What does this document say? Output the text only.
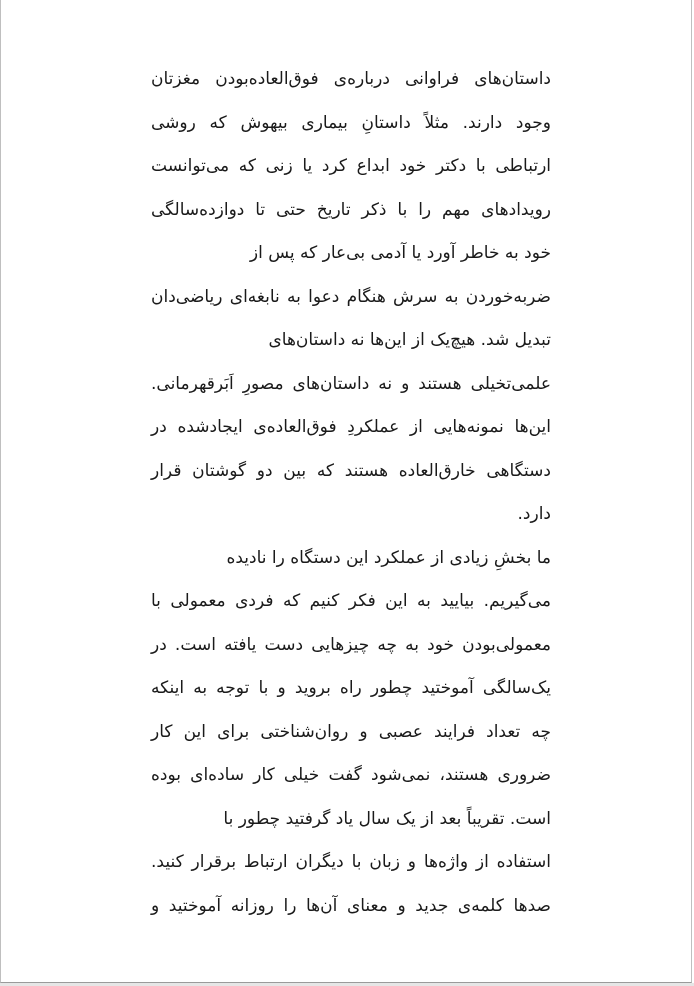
داستان‌های فراوانی درباره‌ی فوق‌العاده‌بودن مغزتان
وجود دارند. مثلاً داستانِ بیماری بیهوش که روشی
ارتباطی با دکتر خود ابداع کرد یا زنی که می‌توانست
رویدادهای مهم را با ذکر تاریخ حتی تا دوازده‌سالگی
خود به خاطر آورد یا آدمی بی‌عار که پس از
ضربه‌خوردن به سرش هنگام دعوا به نابغه‌ای ریاضی‌دان
تبدیل شد. هیچ‌یک از این‌ها نه داستان‌های
علمی‌تخیلی هستند و نه داستان‌های مصورِ اَبَرقهرمانی.
این‌ها نمونه‌هایی از عملکردِ فوق‌العاده‌ی ایجادشده در
دستگاهی خارق‌العاده هستند که بین دو گوشتان قرار
دارد.
ما بخشِ زیادی از عملکرد این دستگاه را نادیده
می‌گیریم. بیایید به این فکر کنیم که فردی معمولی با
معمولی‌بودن خود به چه چیزهایی دست یافته است. در
یک‌سالگی آموختید چطور راه بروید و با توجه به اینکه
چه تعداد فرایند عصبی و روان‌شناختی برای این کار
ضروری هستند، نمی‌شود گفت خیلی کار ساده‌ای بوده
است. تقریباً بعد از یک سال یاد گرفتید چطور با
استفاده از واژه‌ها و زبان با دیگران ارتباط برقرار کنید.
صدها کلمه‌ی جدید و معنای آن‌ها را روزانه آموختید و
